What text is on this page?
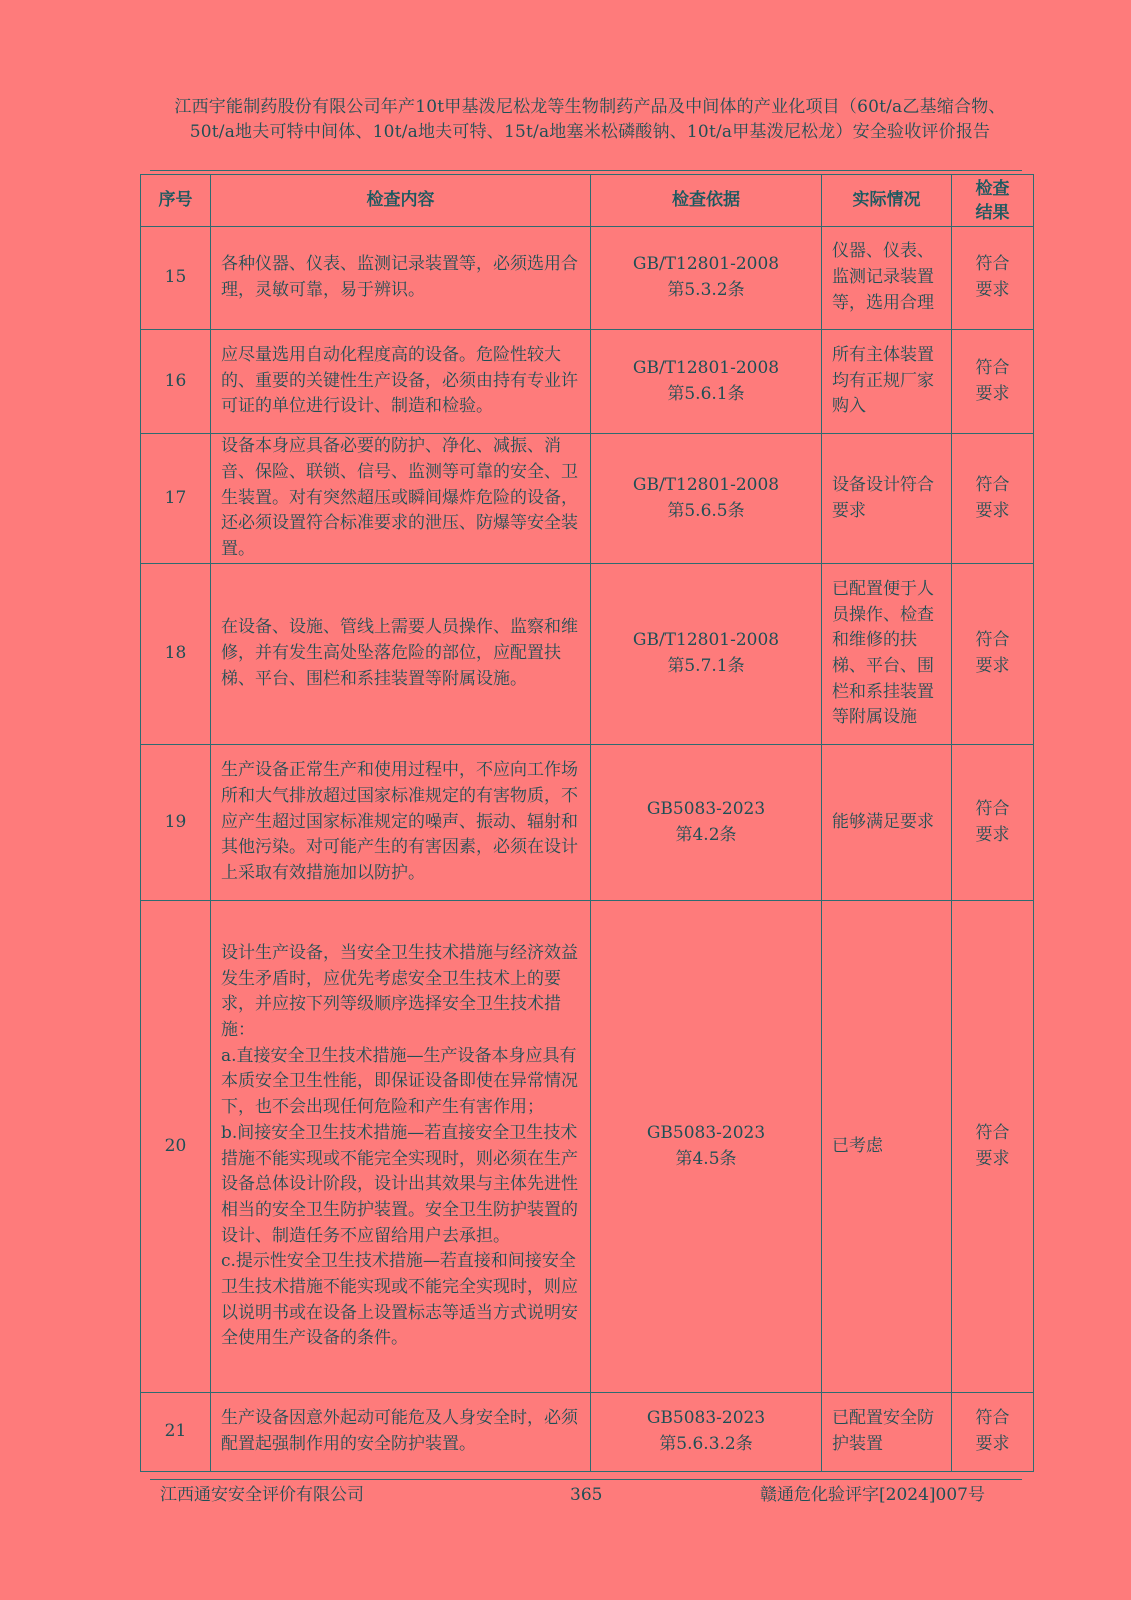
江西宇能制药股份有限公司年产10t甲基泼尼松龙等生物制药产品及中间体的产业化项目（60t/a乙基缩合物、50t/a地夫可特中间体、10t/a地夫可特、15t/a地塞米松磷酸钠、10t/a甲基泼尼松龙）安全验收评价报告
序号	检查内容	检查依据	实际情况	检查
结果
15	各种仪器、仪表、监测记录装置等，必须选用合理，灵敏可靠，易于辨识。	GB/T12801-2008
第5.3.2条	仪器、仪表、监测记录装置等，选用合理	符合
要求
16	应尽量选用自动化程度高的设备。危险性较大的、重要的关键性生产设备，必须由持有专业许可证的单位进行设计、制造和检验。	GB/T12801-2008
第5.6.1条	所有主体装置均有正规厂家购入	符合
要求
17	设备本身应具备必要的防护、净化、减振、消音、保险、联锁、信号、监测等可靠的安全、卫生装置。对有突然超压或瞬间爆炸危险的设备，还必须设置符合标准要求的泄压、防爆等安全装置。	GB/T12801-2008
第5.6.5条	设备设计符合要求	符合
要求
18	在设备、设施、管线上需要人员操作、监察和维修，并有发生高处坠落危险的部位，应配置扶梯、平台、围栏和系挂装置等附属设施。	GB/T12801-2008
第5.7.1条	已配置便于人员操作、检查和维修的扶梯、平台、围栏和系挂装置等附属设施	符合
要求
19	生产设备正常生产和使用过程中，不应向工作场所和大气排放超过国家标准规定的有害物质，不应产生超过国家标准规定的噪声、振动、辐射和其他污染。对可能产生的有害因素，必须在设计上采取有效措施加以防护。	GB5083-2023
第4.2条	能够满足要求	符合
要求
20	设计生产设备，当安全卫生技术措施与经济效益发生矛盾时，应优先考虑安全卫生技术上的要求，并应按下列等级顺序选择安全卫生技术措施：
a.直接安全卫生技术措施—生产设备本身应具有本质安全卫生性能，即保证设备即使在异常情况下，也不会出现任何危险和产生有害作用；
b.间接安全卫生技术措施—若直接安全卫生技术措施不能实现或不能完全实现时，则必须在生产设备总体设计阶段，设计出其效果与主体先进性相当的安全卫生防护装置。安全卫生防护装置的设计、制造任务不应留给用户去承担。
c.提示性安全卫生技术措施—若直接和间接安全卫生技术措施不能实现或不能完全实现时，则应以说明书或在设备上设置标志等适当方式说明安全使用生产设备的条件。	GB5083-2023
第4.5条	已考虑	符合
要求
21	生产设备因意外起动可能危及人身安全时，必须配置起强制作用的安全防护装置。	GB5083-2023
第5.6.3.2条	已配置安全防护装置	符合
要求
江西通安安全评价有限公司	365	赣通危化验评字[2024]007号
